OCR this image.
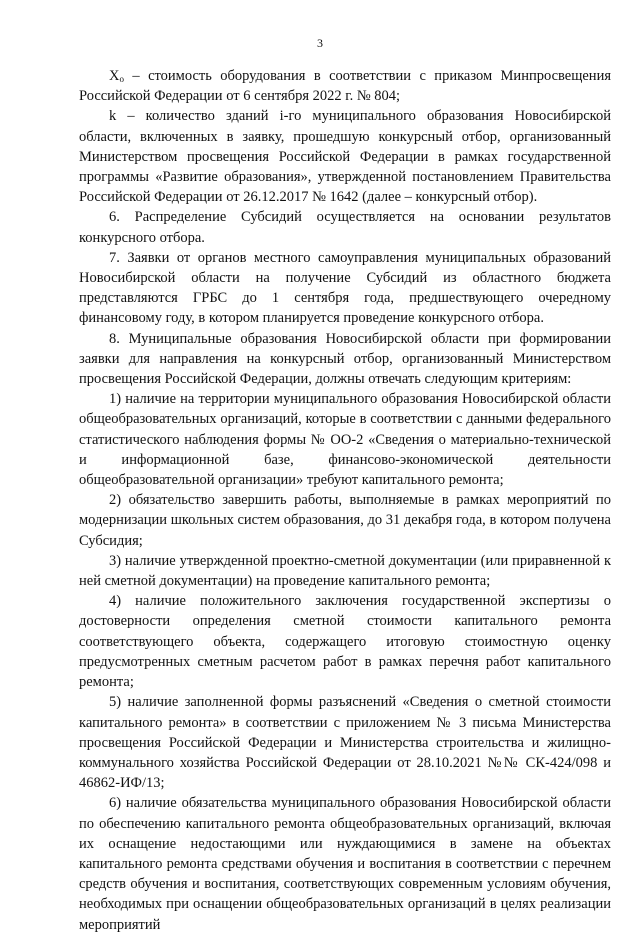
3

$Х_о$ – стоимость оборудования в соответствии с приказом Минпросвещения Российской Федерации от 6 сентября 2022 г. № 804;

k – количество зданий i-го муниципального образования Новосибирской области, включенных в заявку, прошедшую конкурсный отбор, организованный Министерством просвещения Российской Федерации в рамках государственной программы «Развитие образования», утвержденной постановлением Правительства Российской Федерации от 26.12.2017 № 1642 (далее – конкурсный отбор).

6. Распределение Субсидий осуществляется на основании результатов конкурсного отбора.

7. Заявки от органов местного самоуправления муниципальных образований Новосибирской области на получение Субсидий из областного бюджета представляются ГРБС до 1 сентября года, предшествующего очередному финансовому году, в котором планируется проведение конкурсного отбора.

8. Муниципальные образования Новосибирской области при формировании заявки для направления на конкурсный отбор, организованный Министерством просвещения Российской Федерации, должны отвечать следующим критериям:

1) наличие на территории муниципального образования Новосибирской области общеобразовательных организаций, которые в соответствии с данными федерального статистического наблюдения формы № ОО-2 «Сведения о материально-технической и информационной базе, финансово-экономической деятельности общеобразовательной организации» требуют капитального ремонта;

2) обязательство завершить работы, выполняемые в рамках мероприятий по модернизации школьных систем образования, до 31 декабря года, в котором получена Субсидия;

3) наличие утвержденной проектно-сметной документации (или приравненной к ней сметной документации) на проведение капитального ремонта;

4) наличие положительного заключения государственной экспертизы о достоверности определения сметной стоимости капитального ремонта соответствующего объекта, содержащего итоговую стоимостную оценку предусмотренных сметным расчетом работ в рамках перечня работ капитального ремонта;

5) наличие заполненной формы разъяснений «Сведения о сметной стоимости капитального ремонта» в соответствии с приложением № 3 письма Министерства просвещения Российской Федерации и Министерства строительства и жилищно-коммунального хозяйства Российской Федерации от 28.10.2021 №№ СК-424/098 и 46862-ИФ/13;

6) наличие обязательства муниципального образования Новосибирской области по обеспечению капитального ремонта общеобразовательных организаций, включая их оснащение недостающими или нуждающимися в замене на объектах капитального ремонта средствами обучения и воспитания в соответствии с перечнем средств обучения и воспитания, соответствующих современным условиям обучения, необходимых при оснащении общеобразовательных организаций в целях реализации мероприятий
